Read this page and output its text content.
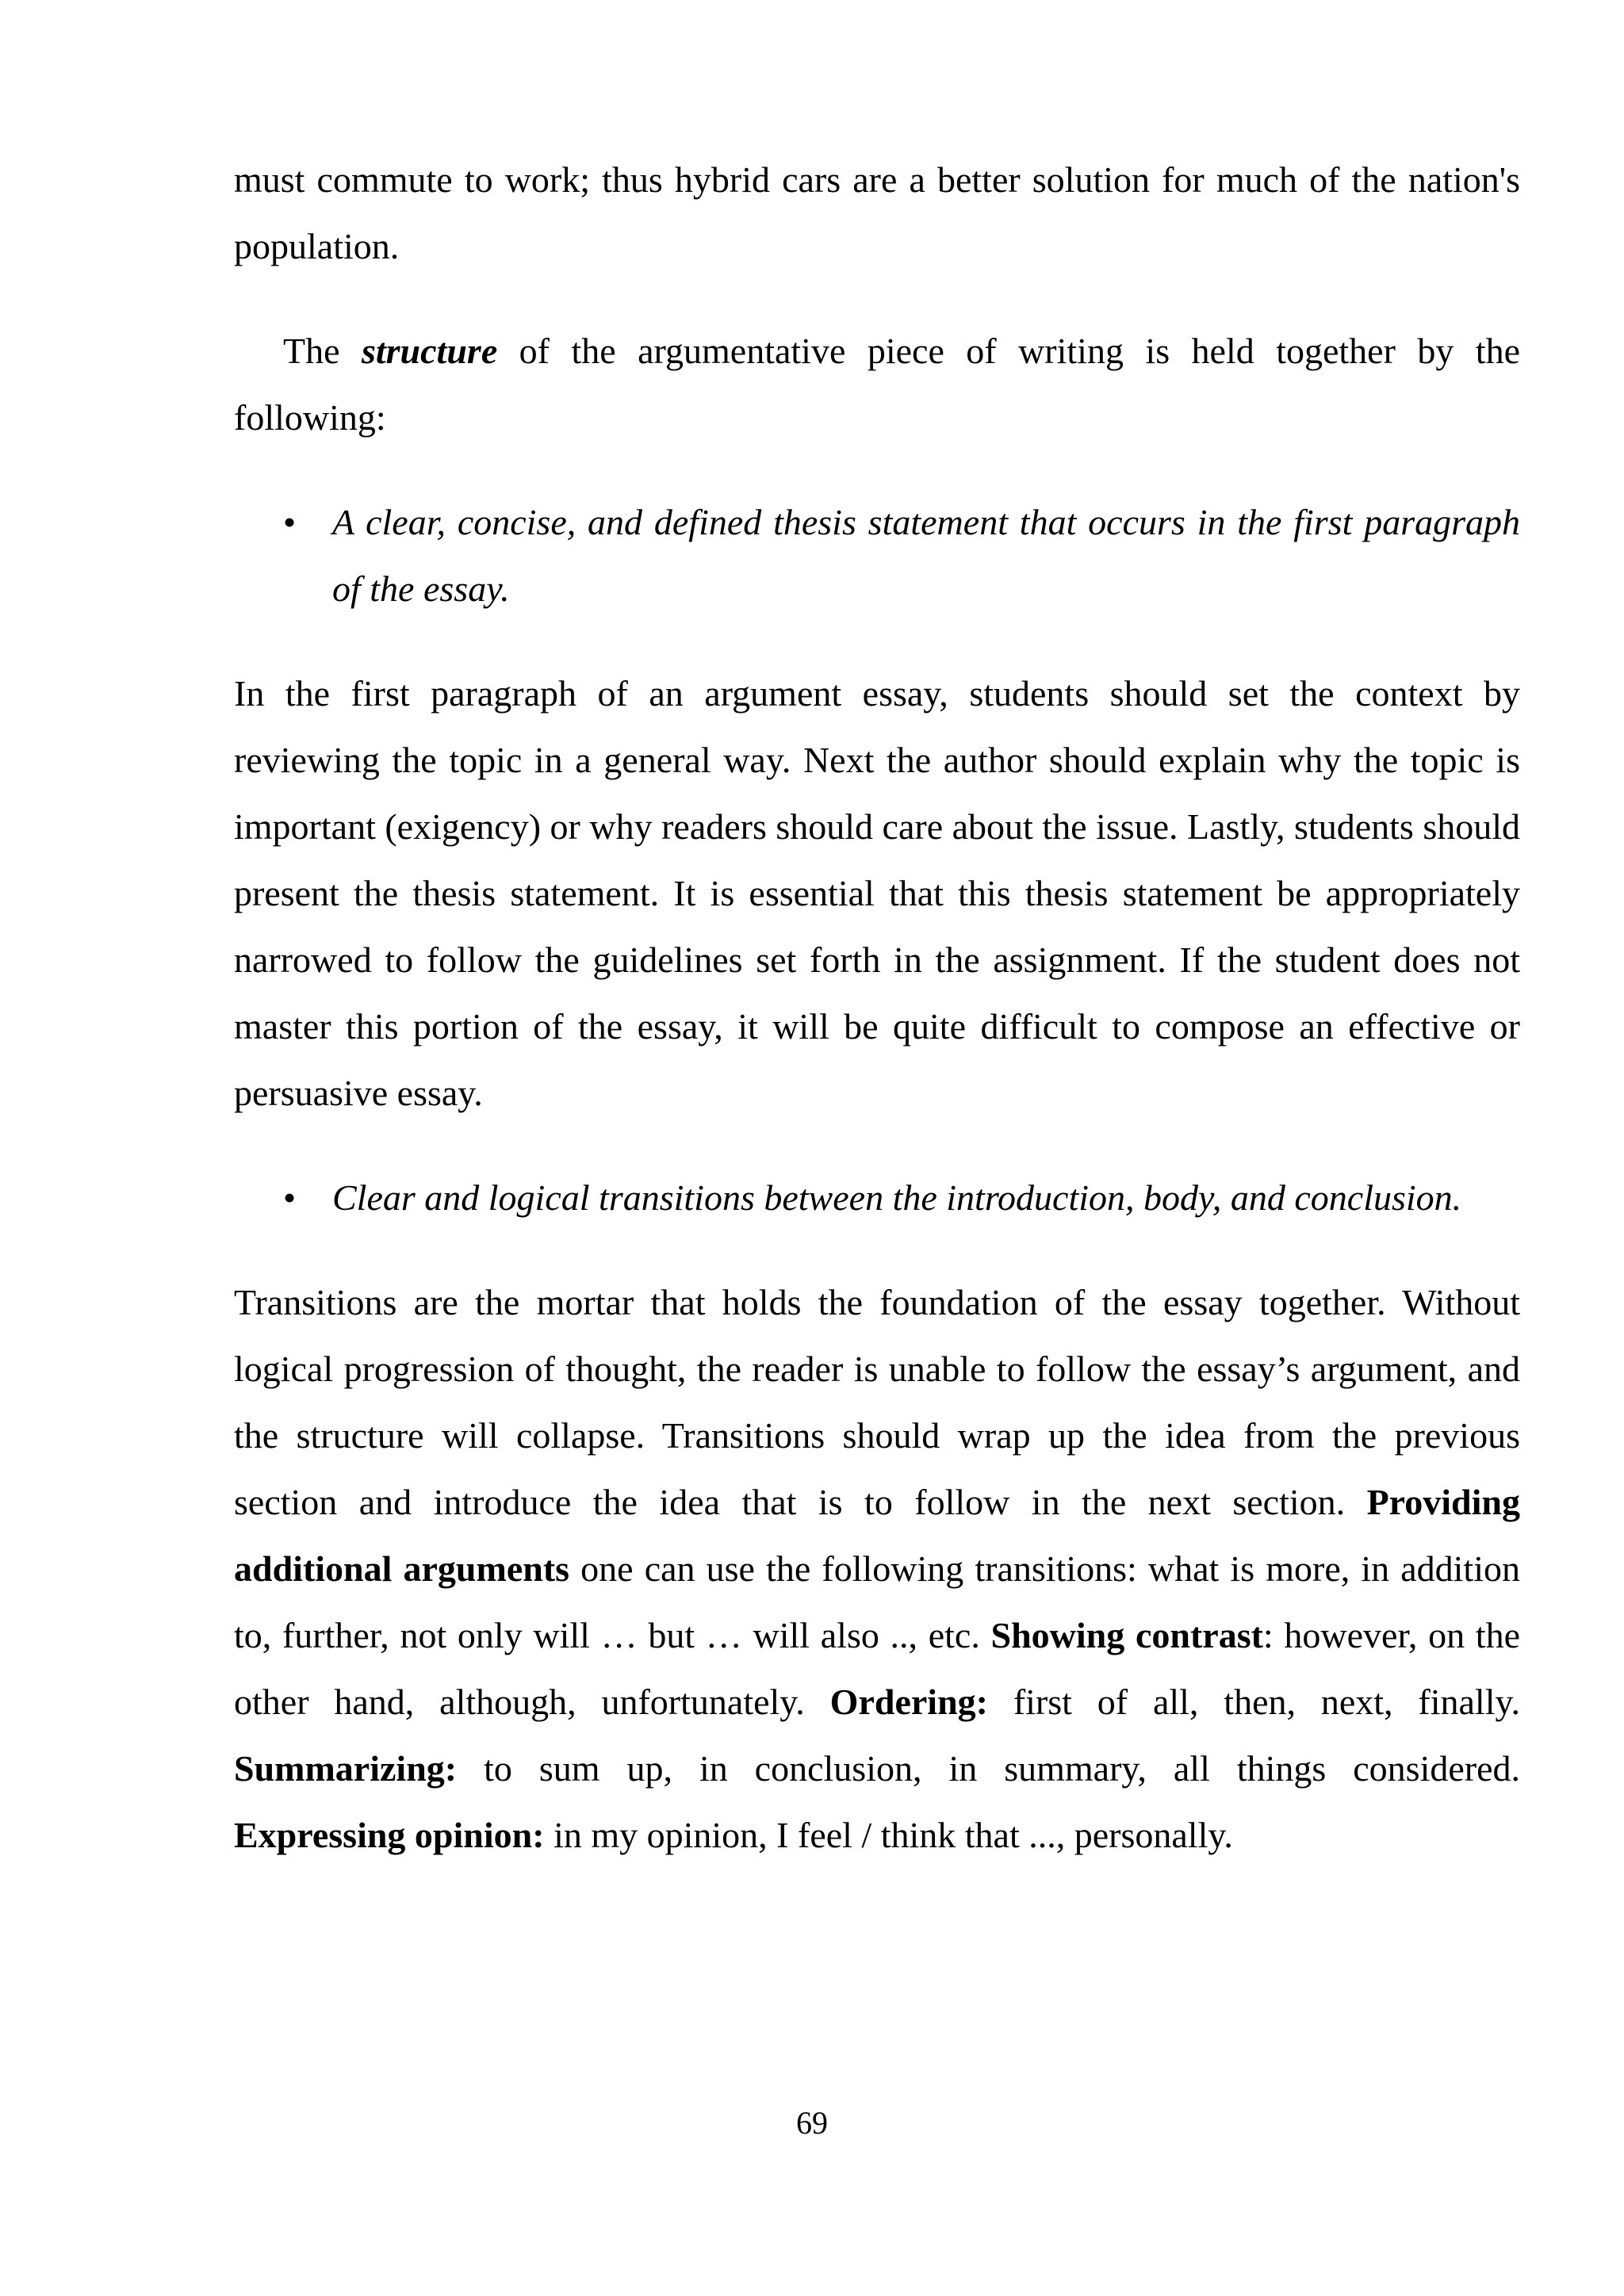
must commute to work; thus hybrid cars are a better solution for much of the nation's population.

The structure of the argumentative piece of writing is held together by the following:

• A clear, concise, and defined thesis statement that occurs in the first paragraph of the essay.

In the first paragraph of an argument essay, students should set the context by reviewing the topic in a general way. Next the author should explain why the topic is important (exigency) or why readers should care about the issue. Lastly, students should present the thesis statement. It is essential that this thesis statement be appropriately narrowed to follow the guidelines set forth in the assignment. If the student does not master this portion of the essay, it will be quite difficult to compose an effective or persuasive essay.

• Clear and logical transitions between the introduction, body, and conclusion.

Transitions are the mortar that holds the foundation of the essay together. Without logical progression of thought, the reader is unable to follow the essay’s argument, and the structure will collapse. Transitions should wrap up the idea from the previous section and introduce the idea that is to follow in the next section. Providing additional arguments one can use the following transitions: what is more, in addition to, further, not only will … but … will also .., etc. Showing contrast: however, on the other hand, although, unfortunately. Ordering: first of all, then, next, finally. Summarizing: to sum up, in conclusion, in summary, all things considered. Expressing opinion: in my opinion, I feel / think that ..., personally.

69
